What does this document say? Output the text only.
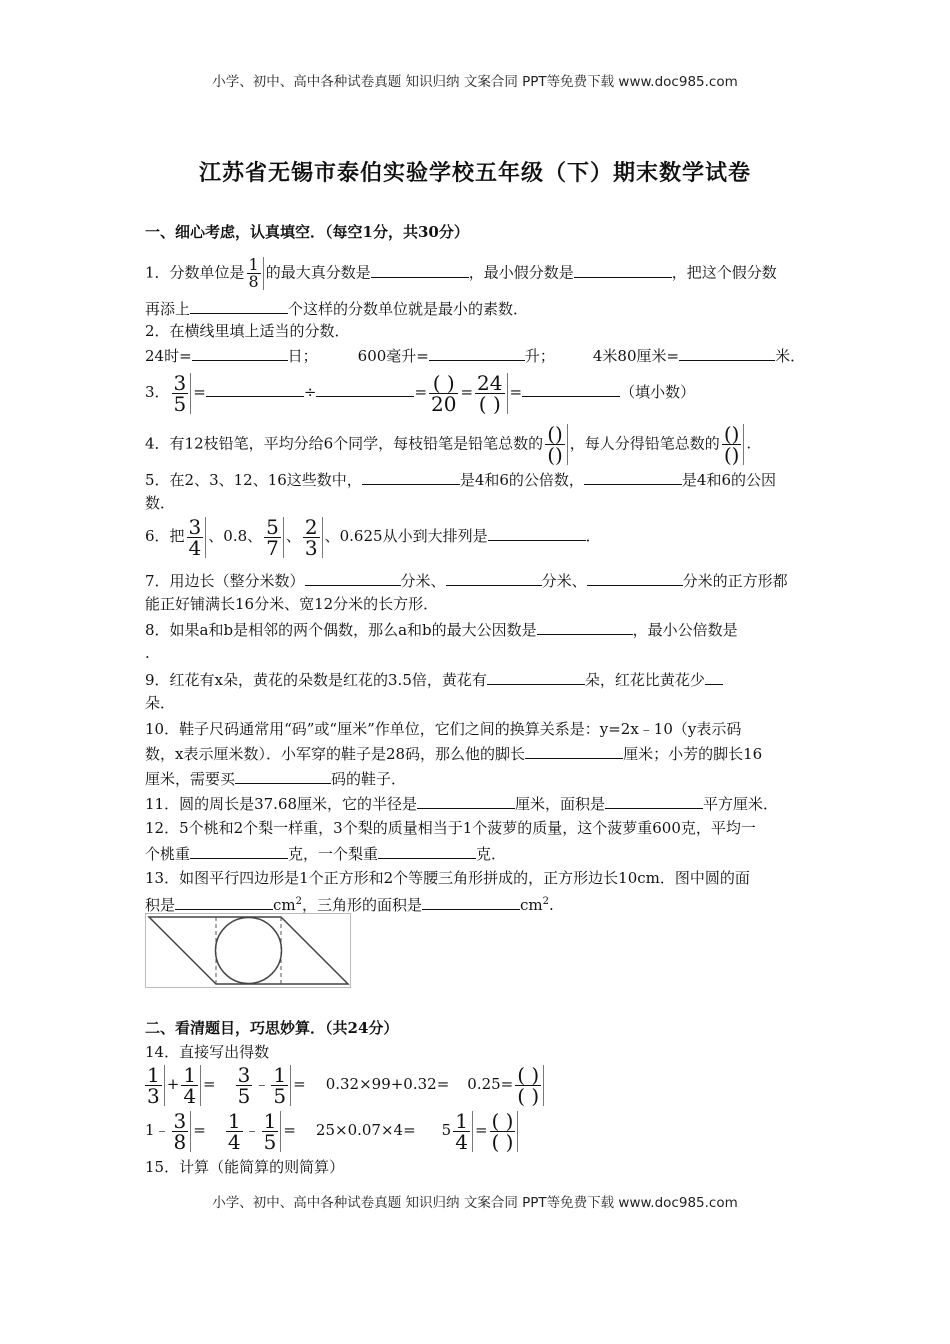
小学、初中、高中各种试卷真题 知识归纳 文案合同 PPT等免费下载 www.doc985.com
江苏省无锡市泰伯实验学校五年级（下）期末数学试卷
一、细心考虑，认真填空．（每空1分，共30分）
1．分数单位是 $\frac{1}{8}$ 的最大真分数是	，最小假分数是	，把这个假分数
再添上	个这样的分数单位就是最小的素数．
2．在横线里填上适当的分数．
24时=	日；	600毫升=	升；	4米80厘米=	米．
3． $\frac{3}{5}$ =	÷	= $\frac{( )}{20} = \frac{24}{( )}$ =	（填小数）
4．有12枝铅笔，平均分给6个同学，每枝铅笔是铅笔总数的 $\frac{()}{()}$ ，每人分得铅笔总数的 $\frac{()}{()}$ .
5．在2、3、12、16这些数中，	是4和6的公倍数，	是4和6的公因
数．
6．把 $\frac{3}{4}$ 、0.8、 $\frac{5}{7}$ 、 $\frac{2}{3}$ 、0.625从小到大排列是	．
7．用边长（整分米数）	分米、	分米、	分米的正方形都
能正好铺满长16分米、宽12分米的长方形．
8．如果a和b是相邻的两个偶数，那么a和b的最大公因数是	，最小公倍数是
.
9．红花有x朵，黄花的朵数是红花的3.5倍，黄花有	朵，红花比黄花少
朵．
10．鞋子尺码通常用“码”或“厘米”作单位，它们之间的换算关系是：y=2x﹣10（y表示码
数，x表示厘米数）．小军穿的鞋子是28码，那么他的脚长	厘米；小芳的脚长16
厘米，需要买	码的鞋子．
11．圆的周长是37.68厘米，它的半径是	厘米，面积是	平方厘米．
12．5个桃和2个梨一样重，3个梨的质量相当于1个菠萝的质量，这个菠萝重600克，平均一
个桃重	克，一个梨重	克．
13．如图平行四边形是1个正方形和2个等腰三角形拼成的，正方形边长10cm．图中圆的面
积是	$cm^2$，三角形的面积是	$cm^2$.
二、看清题目，巧思妙算．（共24分）
14．直接写出得数
$\frac{1}{3} + \frac{1}{4} = \frac{3}{5}$ ﹣ $\frac{1}{5} = 0.32\times 99+0.32= 0.25= \frac{( )}{( )}$
1﹣ $\frac{3}{8} = \frac{1}{4}$ ﹣ $\frac{1}{5} = 25\times 0.07\times 4= 5 \frac{1}{4} = \frac{( )}{( )}$
15．计算（能简算的则简算）
小学、初中、高中各种试卷真题 知识归纳 文案合同 PPT等免费下载 www.doc985.com
